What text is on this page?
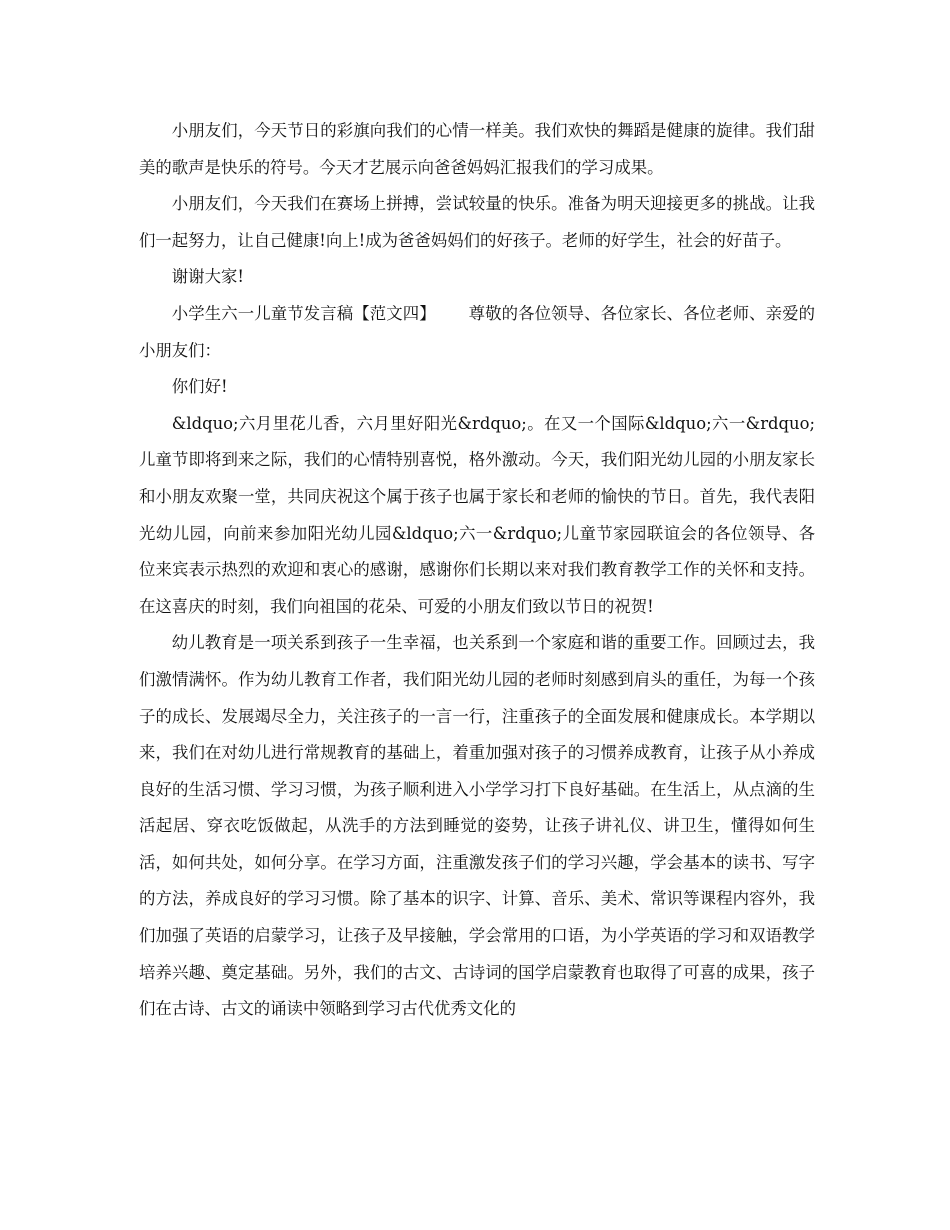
小朋友们，今天节日的彩旗向我们的心情一样美。我们欢快的舞蹈是健康的旋律。我们甜美的歌声是快乐的符号。今天才艺展示向爸爸妈妈汇报我们的学习成果。

小朋友们，今天我们在赛场上拼搏，尝试较量的快乐。准备为明天迎接更多的挑战。让我们一起努力，让自己健康!向上!成为爸爸妈妈们的好孩子。老师的好学生，社会的好苗子。

谢谢大家!

小学生六一儿童节发言稿【范文四】 尊敬的各位领导、各位家长、各位老师、亲爱的小朋友们：

你们好!

&ldquo;六月里花儿香，六月里好阳光&rdquo;。在又一个国际&ldquo;六一&rdquo;儿童节即将到来之际，我们的心情特别喜悦，格外激动。今天，我们阳光幼儿园的小朋友家长和小朋友欢聚一堂，共同庆祝这个属于孩子也属于家长和老师的愉快的节日。首先，我代表阳光幼儿园，向前来参加阳光幼儿园&ldquo;六一&rdquo;儿童节家园联谊会的各位领导、各位来宾表示热烈的欢迎和衷心的感谢，感谢你们长期以来对我们教育教学工作的关怀和支持。在这喜庆的时刻，我们向祖国的花朵、可爱的小朋友们致以节日的祝贺!

幼儿教育是一项关系到孩子一生幸福，也关系到一个家庭和谐的重要工作。回顾过去，我们激情满怀。作为幼儿教育工作者，我们阳光幼儿园的老师时刻感到肩头的重任，为每一个孩子的成长、发展竭尽全力，关注孩子的一言一行，注重孩子的全面发展和健康成长。本学期以来，我们在对幼儿进行常规教育的基础上，着重加强对孩子的习惯养成教育，让孩子从小养成良好的生活习惯、学习习惯，为孩子顺利进入小学学习打下良好基础。在生活上，从点滴的生活起居、穿衣吃饭做起，从洗手的方法到睡觉的姿势，让孩子讲礼仪、讲卫生，懂得如何生活，如何共处，如何分享。在学习方面，注重激发孩子们的学习兴趣，学会基本的读书、写字的方法，养成良好的学习习惯。除了基本的识字、计算、音乐、美术、常识等课程内容外，我们加强了英语的启蒙学习，让孩子及早接触，学会常用的口语，为小学英语的学习和双语教学培养兴趣、奠定基础。另外，我们的古文、古诗词的国学启蒙教育也取得了可喜的成果，孩子们在古诗、古文的诵读中领略到学习古代优秀文化的
